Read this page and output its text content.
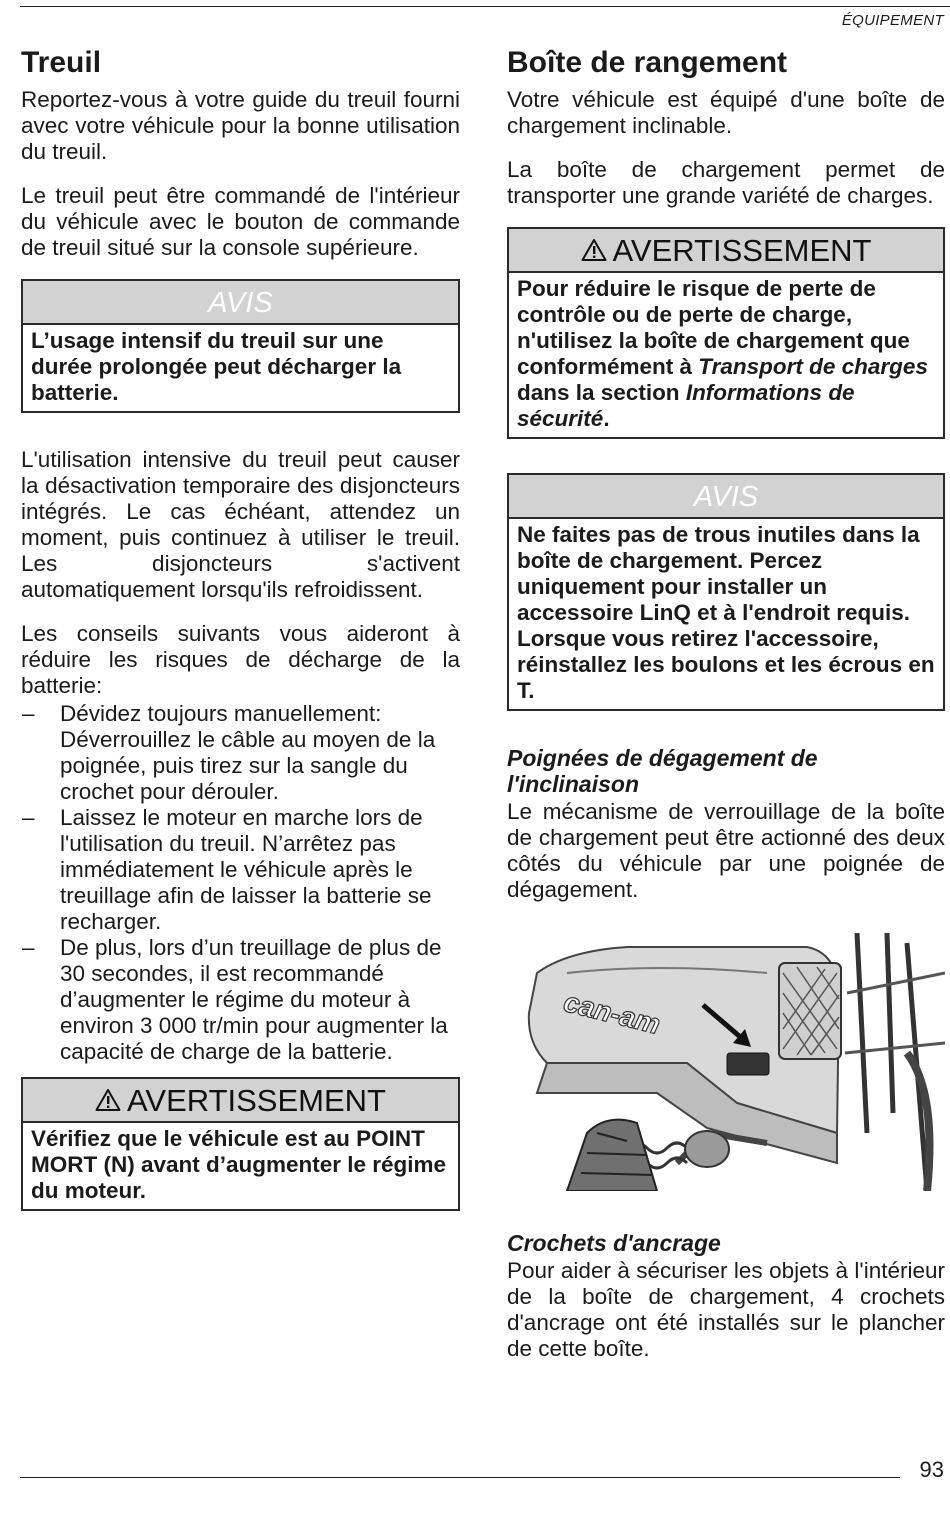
ÉQUIPEMENT
Treuil

Reportez-vous à votre guide du treuil fourni avec votre véhicule pour la bonne utilisation du treuil.

Le treuil peut être commandé de l'intérieur du véhicule avec le bouton de commande de treuil situé sur la console supérieure.

AVIS
L’usage intensif du treuil sur une durée prolongée peut décharger la batterie.

L'utilisation intensive du treuil peut causer la désactivation temporaire des disjoncteurs intégrés. Le cas échéant, attendez un moment, puis continuez à utiliser le treuil. Les disjoncteurs s'activent automatiquement lorsqu'ils refroidissent.

Les conseils suivants vous aideront à réduire les risques de décharge de la batterie:

– Dévidez toujours manuellement: Déverrouillez le câble au moyen de la poignée, puis tirez sur la sangle du crochet pour dérouler.
– Laissez le moteur en marche lors de l'utilisation du treuil. N’arrêtez pas immédiatement le véhicule après le treuillage afin de laisser la batterie se recharger.
– De plus, lors d’un treuillage de plus de 30 secondes, il est recommandé d’augmenter le régime du moteur à environ 3 000 tr/min pour augmenter la capacité de charge de la batterie.
AVERTISSEMENT
Vérifiez que le véhicule est au POINT MORT (N) avant d’augmenter le régime du moteur.
Boîte de rangement

Votre véhicule est équipé d'une boîte de chargement inclinable.

La boîte de chargement permet de transporter une grande variété de charges.

AVERTISSEMENT
Pour réduire le risque de perte de contrôle ou de perte de charge, n'utilisez la boîte de chargement que conformément à Transport de charges dans la section Informations de sécurité.
AVIS
Ne faites pas de trous inutiles dans la boîte de chargement. Percez uniquement pour installer un accessoire LinQ et à l'endroit requis.
Lorsque vous retirez l'accessoire, réinstallez les boulons et les écrous en T.
Poignées de dégagement de l'inclinaison

Le mécanisme de verrouillage de la boîte de chargement peut être actionné des deux côtés du véhicule par une poignée de dégagement.

can-am
Crochets d'ancrage

Pour aider à sécuriser les objets à l'intérieur de la boîte de chargement, 4 crochets d'ancrage ont été installés sur le plancher de cette boîte.

93
